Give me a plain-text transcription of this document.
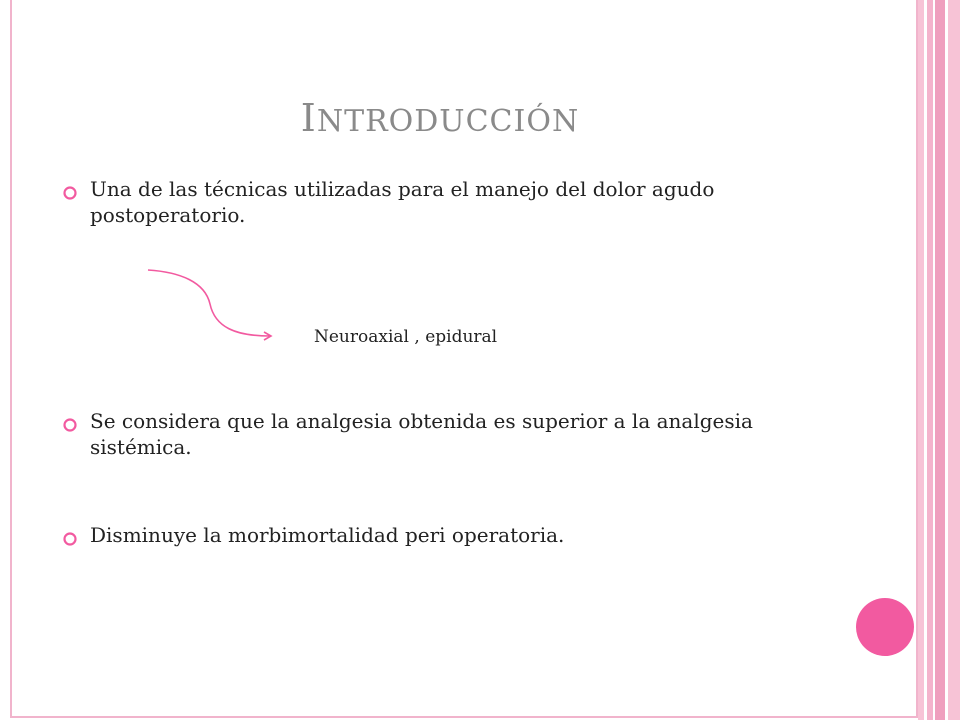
INTRODUCCIÓN
Una de las técnicas utilizadas para el manejo del dolor agudo postoperatorio.
Neuroaxial , epidural
Se considera que la analgesia obtenida es superior a la analgesia sistémica.
Disminuye la morbimortalidad peri operatoria.
